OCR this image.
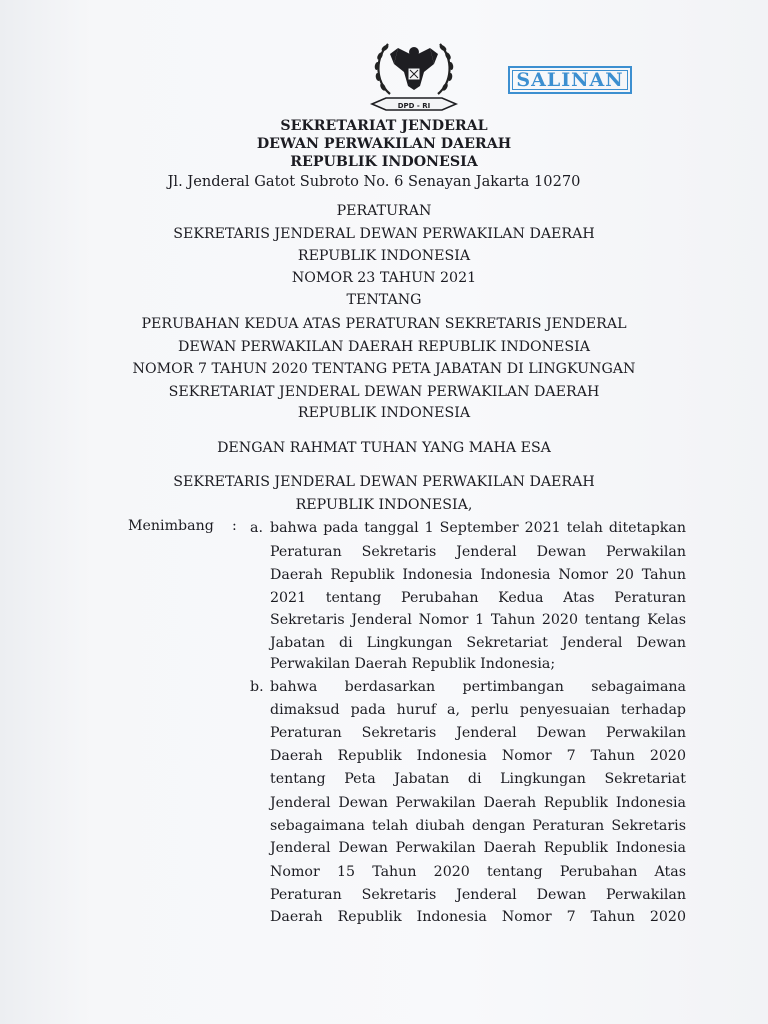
DPD - RI
SALINAN
SEKRETARIAT JENDERAL
DEWAN PERWAKILAN DAERAH
REPUBLIK INDONESIA
Jl. Jenderal Gatot Subroto No. 6 Senayan Jakarta 10270
PERATURAN
SEKRETARIS JENDERAL DEWAN PERWAKILAN DAERAH
REPUBLIK INDONESIA
NOMOR 23 TAHUN 2021
TENTANG
PERUBAHAN KEDUA ATAS PERATURAN SEKRETARIS JENDERAL
DEWAN PERWAKILAN DAERAH REPUBLIK INDONESIA
NOMOR 7 TAHUN 2020 TENTANG PETA JABATAN DI LINGKUNGAN
SEKRETARIAT JENDERAL DEWAN PERWAKILAN DAERAH
REPUBLIK INDONESIA
DENGAN RAHMAT TUHAN YANG MAHA ESA
SEKRETARIS JENDERAL DEWAN PERWAKILAN DAERAH
REPUBLIK INDONESIA,
Menimbang : a. bahwa pada tanggal 1 September 2021 telah ditetapkan
Peraturan Sekretaris Jenderal Dewan Perwakilan
Daerah Republik Indonesia Indonesia Nomor 20 Tahun
2021 tentang Perubahan Kedua Atas Peraturan
Sekretaris Jenderal Nomor 1 Tahun 2020 tentang Kelas
Jabatan di Lingkungan Sekretariat Jenderal Dewan
Perwakilan Daerah Republik Indonesia;
b. bahwa berdasarkan pertimbangan sebagaimana
dimaksud pada huruf a, perlu penyesuaian terhadap
Peraturan Sekretaris Jenderal Dewan Perwakilan
Daerah Republik Indonesia Nomor 7 Tahun 2020
tentang Peta Jabatan di Lingkungan Sekretariat
Jenderal Dewan Perwakilan Daerah Republik Indonesia
sebagaimana telah diubah dengan Peraturan Sekretaris
Jenderal Dewan Perwakilan Daerah Republik Indonesia
Nomor 15 Tahun 2020 tentang Perubahan Atas
Peraturan Sekretaris Jenderal Dewan Perwakilan
Daerah Republik Indonesia Nomor 7 Tahun 2020
